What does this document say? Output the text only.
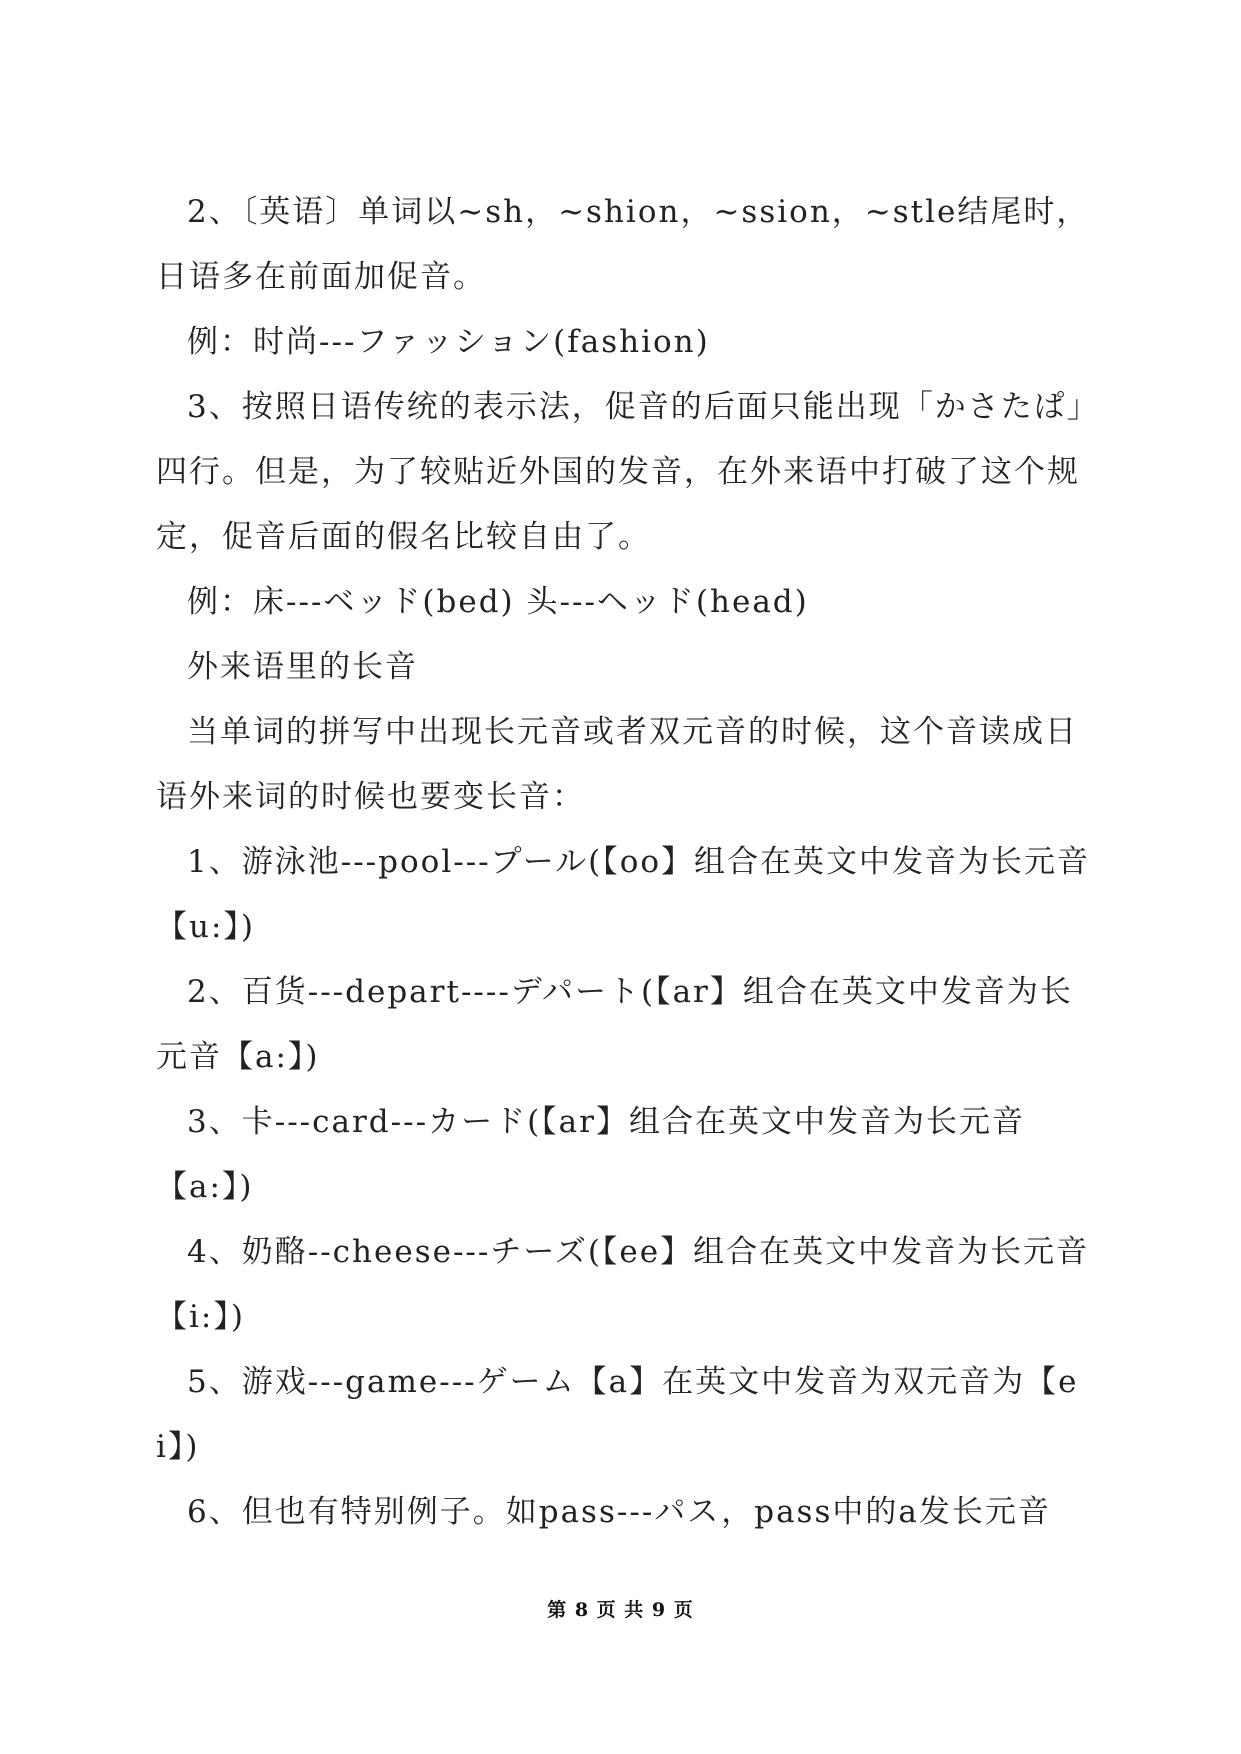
2、〔英语〕单词以~sh，~shion，~ssion，~stle结尾时，日语多在前面加促音。

例：时尚---ファッション(fashion)

3、按照日语传统的表示法，促音的后面只能出现「かさたぱ」四行。但是，为了较贴近外国的发音，在外来语中打破了这个规定，促音后面的假名比较自由了。

例：床---ベッド(bed) 头---ヘッド(head)

外来语里的长音

当单词的拼写中出现长元音或者双元音的时候，这个音读成日语外来词的时候也要变长音：

1、游泳池---pool---プール(【oo】组合在英文中发音为长元音【u:】)

2、百货---depart----デパート(【ar】组合在英文中发音为长元音【a:】)

3、卡---card---カード(【ar】组合在英文中发音为长元音【a:】)

4、奶酪--cheese---チーズ(【ee】组合在英文中发音为长元音【i:】)

5、游戏---game---ゲーム【a】在英文中发音为双元音为【ei】)

6、但也有特别例子。如pass---パス，pass中的a发长元音

第 8 页 共 9 页
